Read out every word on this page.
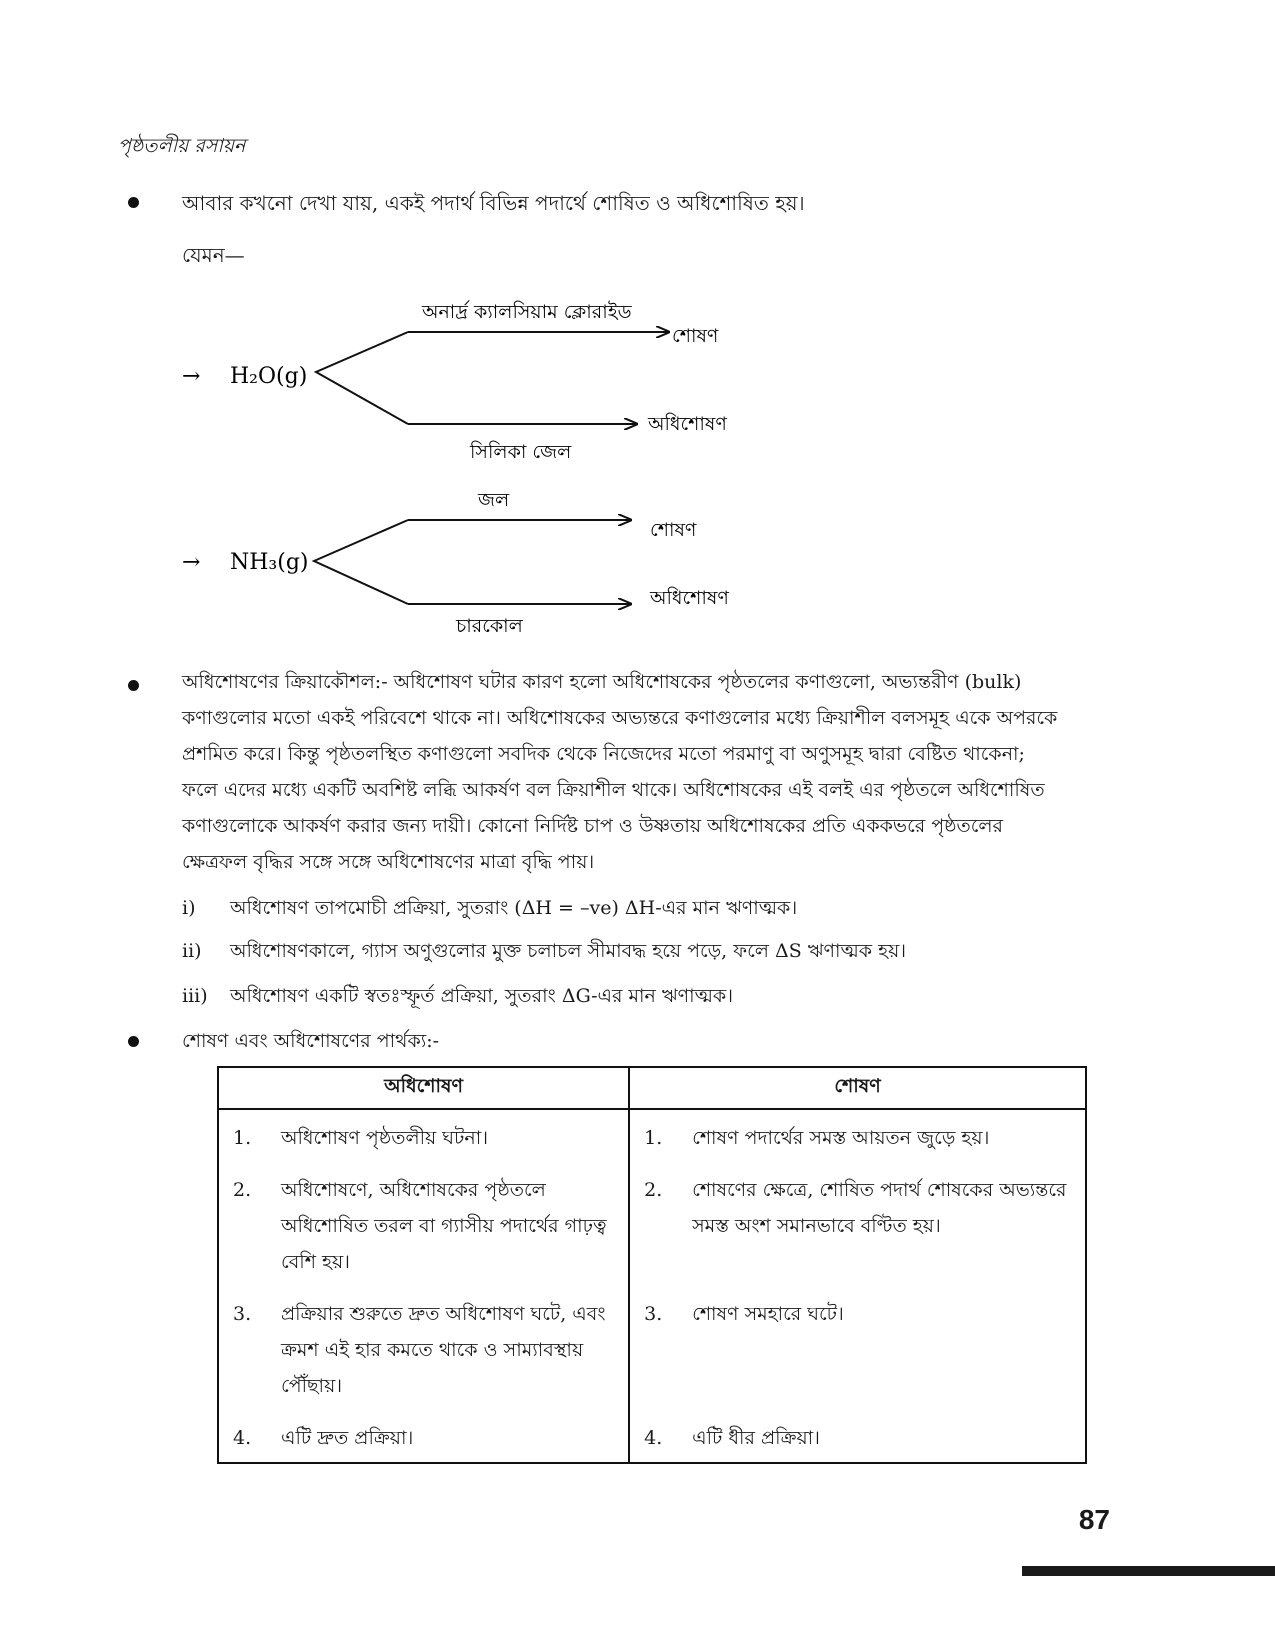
পৃষ্ঠতলীয় রসায়ন
আবার কখনো দেখা যায়, একই পদার্থ বিভিন্ন পদার্থে শোষিত ও অধিশোষিত হয়।
যেমন—
→ H₂O(g)
অনার্দ্র ক্যালসিয়াম ক্লোরাইড
শোষণ
অধিশোষণ
সিলিকা জেল
→ NH₃(g)
জল
শোষণ
অধিশোষণ
চারকোল

অধিশোষণের ক্রিয়াকৌশল:- অধিশোষণ ঘটার কারণ হলো অধিশোষকের পৃষ্ঠতলের কণাগুলো, অভ্যন্তরীণ (bulk)

কণাগুলোর মতো একই পরিবেশে থাকে না। অধিশোষকের অভ্যন্তরে কণাগুলোর মধ্যে ক্রিয়াশীল বলসমূহ একে অপরকে

প্রশমিত করে। কিন্তু পৃষ্ঠতলস্থিত কণাগুলো সবদিক থেকে নিজেদের মতো পরমাণু বা অণুসমূহ দ্বারা বেষ্টিত থাকেনা;

ফলে এদের মধ্যে একটি অবশিষ্ট লব্ধি আকর্ষণ বল ক্রিয়াশীল থাকে। অধিশোষকের এই বলই এর পৃষ্ঠতলে অধিশোষিত

কণাগুলোকে আকর্ষণ করার জন্য দায়ী। কোনো নির্দিষ্ট চাপ ও উষ্ণতায় অধিশোষকের প্রতি এককভরে পৃষ্ঠতলের

ক্ষেত্রফল বৃদ্ধির সঙ্গে সঙ্গে অধিশোষণের মাত্রা বৃদ্ধি পায়।

i) অধিশোষণ তাপমোচী প্রক্রিয়া, সুতরাং (ΔH = –ve) ΔH-এর মান ঋণাত্মক।
ii) অধিশোষণকালে, গ্যাস অণুগুলোর মুক্ত চলাচল সীমাবদ্ধ হয়ে পড়ে, ফলে ΔS ঋণাত্মক হয়।
iii) অধিশোষণ একটি স্বতঃস্ফূর্ত প্রক্রিয়া, সুতরাং ΔG-এর মান ঋণাত্মক।
শোষণ এবং অধিশোষণের পার্থক্য:-
অধিশোষণ	শোষণ

1. অধিশোষণ পৃষ্ঠতলীয় ঘটনা।	1. শোষণ পদার্থের সমস্ত আয়তন জুড়ে হয়।

2. অধিশোষণে, অধিশোষকের পৃষ্ঠতলে অধিশোষিত তরল বা গ্যাসীয় পদার্থের গাঢ়ত্ব বেশি হয়।	2. শোষণের ক্ষেত্রে, শোষিত পদার্থ শোষকের অভ্যন্তরে সমস্ত অংশ সমানভাবে বণ্টিত হয়।

3. প্রক্রিয়ার শুরুতে দ্রুত অধিশোষণ ঘটে, এবং ক্রমশ এই হার কমতে থাকে ও সাম্যাবস্থায় পৌঁছায়।	3. শোষণ সমহারে ঘটে।

4. এটি দ্রুত প্রক্রিয়া।	4. এটি ধীর প্রক্রিয়া।
87
